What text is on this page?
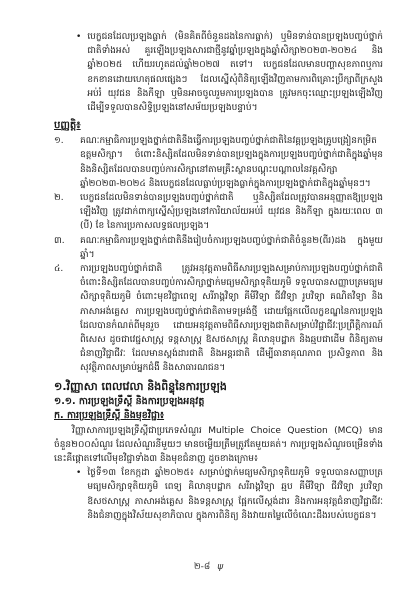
• បេក្ខជនដែលប្រឡងធ្លាក់ (មិនគិតពីចំនួនដងនៃការធ្លាក់) ឬមិនទាន់បានប្រឡងបញ្ចប់ថ្នាក់ជាតិទាំងអស់ គួរឡើងប្រឡងសារជាថ្មីនូវឆ្នាំប្រឡងក្នុងឆ្នាំសិក្សា២០២៣-២០២៤ និងឆ្នាំ២០២៥ ហើយរហូតដល់ឆ្នាំ២០២៧ តទៅ។ បេក្ខជនដែលមានបញ្ហាសុខភាពឬការខកខានដោយហេតុផលផ្សេងៗ ដែលស្នើសុំពិនិត្យឡើងវិញតាមការពិគ្រោះប្រឹក្សាពីក្រសួងអប់រំ យុវជន និងកីឡា ឬមិនអាចចូលរួមការប្រឡងបាន ត្រូវមកចុះឈ្មោះប្រឡងឡើងវិញ ដើម្បីទទួលបានសិទ្ធិប្រឡងនៅសម័យប្រឡងបន្ទាប់។

បញ្ញត្តិ៖
១.	គណៈកម្មាធិការប្រឡងថ្នាក់ជាតិនឹងធ្វើការប្រឡងបញ្ចប់ថ្នាក់ជាតិនៃវគ្គប្រឡងគ្រូបង្រៀនកម្រិតឧត្តមសិក្សា។ ចំពោះនិស្សិតដែលមិនទាន់បានប្រឡងក្នុងការប្រឡងបញ្ចប់ថ្នាក់ជាតិក្នុងឆ្នាំមុន និងនិស្សិតដែលបានបញ្ចប់ការសិក្សានៅតាមគ្រឹះស្ថានបណ្តុះបណ្តាលនៃវគ្គសិក្សាឆ្នាំ២០២៣-២០២៤ និងបេក្ខជនដែលធ្លាប់ប្រឡងធ្លាក់ក្នុងការប្រឡងថ្នាក់ជាតិក្នុងឆ្នាំមុនៗ។

២.	បេក្ខជនដែលមិនទាន់បានប្រឡងបញ្ចប់ថ្នាក់ជាតិ ឬនិស្សិតដែលត្រូវបានអនុញ្ញាតឱ្យប្រឡងឡើងវិញ ត្រូវដាក់ពាក្យស្នើសុំប្រឡងនៅការិយាល័យអប់រំ យុវជន និងកីឡា ក្នុងរយៈពេល ៣ (បី) ខែ នៃការប្រកាសលទ្ធផលប្រឡង។

៣.	គណៈកម្មាធិការប្រឡងថ្នាក់ជាតិនឹងរៀបចំការប្រឡងបញ្ចប់ថ្នាក់ជាតិចំនួន២(ពីរ)ដង ក្នុងមួយឆ្នាំ។

៤.	ការប្រឡងបញ្ចប់ថ្នាក់ជាតិ ត្រូវអនុវត្តតាមពិធីសារប្រឡងសម្រាប់ការប្រឡងបញ្ចប់ថ្នាក់ជាតិ ចំពោះនិស្សិតដែលបានបញ្ចប់ការសិក្សាថ្នាក់មធ្យមសិក្សាទុតិយភូមិ ទទួលបានសញ្ញាបត្រមធ្យមសិក្សាទុតិយភូមិ ចំពោះមុខវិជ្ជាពេទ្យ សរីរាង្គវិទ្យា គីមីវិទ្យា ជីវវិទ្យា រូបវិទ្យា គណិតវិទ្យា និងភាសាអង់គ្លេស ការប្រឡងបញ្ចប់ថ្នាក់ជាតិតាមទម្រង់ថ្មី ដោយផ្អែកលើលក្ខខណ្ឌនៃការប្រឡងដែលបានកំណត់ពីមុនរួច ដោយអនុវត្តតាមពិធីសារប្រឡងជាតិសម្រាប់វិជ្ជាជីវៈប្រព្រឹត្តិការណ៍ពិសេស ដូចជាវេជ្ជសាស្ត្រ ទន្តសាស្ត្រ ឱសថសាស្ត្រ គិលានុបដ្ឋាក និងឆ្មបជាដើម ពិនិត្យតាមជំនាញវិជ្ជាជីវៈ ដែលមានស្តង់ដារជាតិ និងអន្តរជាតិ ដើម្បីធានាគុណភាព ប្រសិទ្ធភាព និងសុវត្ថិភាពសម្រាប់អ្នកជំងឺ និងសាធារណជន។

១.វិញ្ញាសា ​ពេលវេលា​ និងពិន្ទុនៃការប្រឡង
១.១. ​​ការ​​ប្រឡងទ្រឹស្តី ​​និង​​ការ​​ប្រឡង​​អនុវត្ត
ក. ការប្រឡងទ្រឹស្តី និងមុខវិជ្ជា៖

វិញ្ញាសាការប្រឡងទ្រឹស្តីជាប្រភេទសំណួរ Multiple Choice Question (MCQ) មានចំនួន២០០សំណួរ ដែលសំណួរនីមួយៗ មានចម្លើយត្រឹមត្រូវតែមួយគត់។ ការប្រឡងសំណួរចម្រើនទាំងនេះគឺផ្តោតទៅលើមុខវិជ្ជាទាំង៣ និងមុខជំនាញ ដូចខាងក្រោម៖

• ថ្ងៃទី១៣ ខែកក្កដា ឆ្នាំ២០២៥៖ សម្រាប់ថ្នាក់មធ្យមសិក្សាទុតិយភូមិ ទទួលបានសញ្ញាបត្រមធ្យមសិក្សាទុតិយភូមិ ពេទ្យ គិលានុបដ្ឋាក សរីរាង្គវិទ្យា ឆ្មប គីមីវិទ្យា ជីវវិទ្យា រូបវិទ្យា ឱសថសាស្ត្រ ភាសាអង់គ្លេស និងទន្តសាស្ត្រ ផ្អែកលើស្តង់ដារ និងការអនុវត្តជំនាញវិជ្ជាជីវៈ និងជំនាញក្នុងវិស័យសុខាភិបាល ក្នុងការពិនិត្យ និងវាយតម្លៃលើចំណេះដឹងរបស់បេក្ខជន។

២-៨ ψ
